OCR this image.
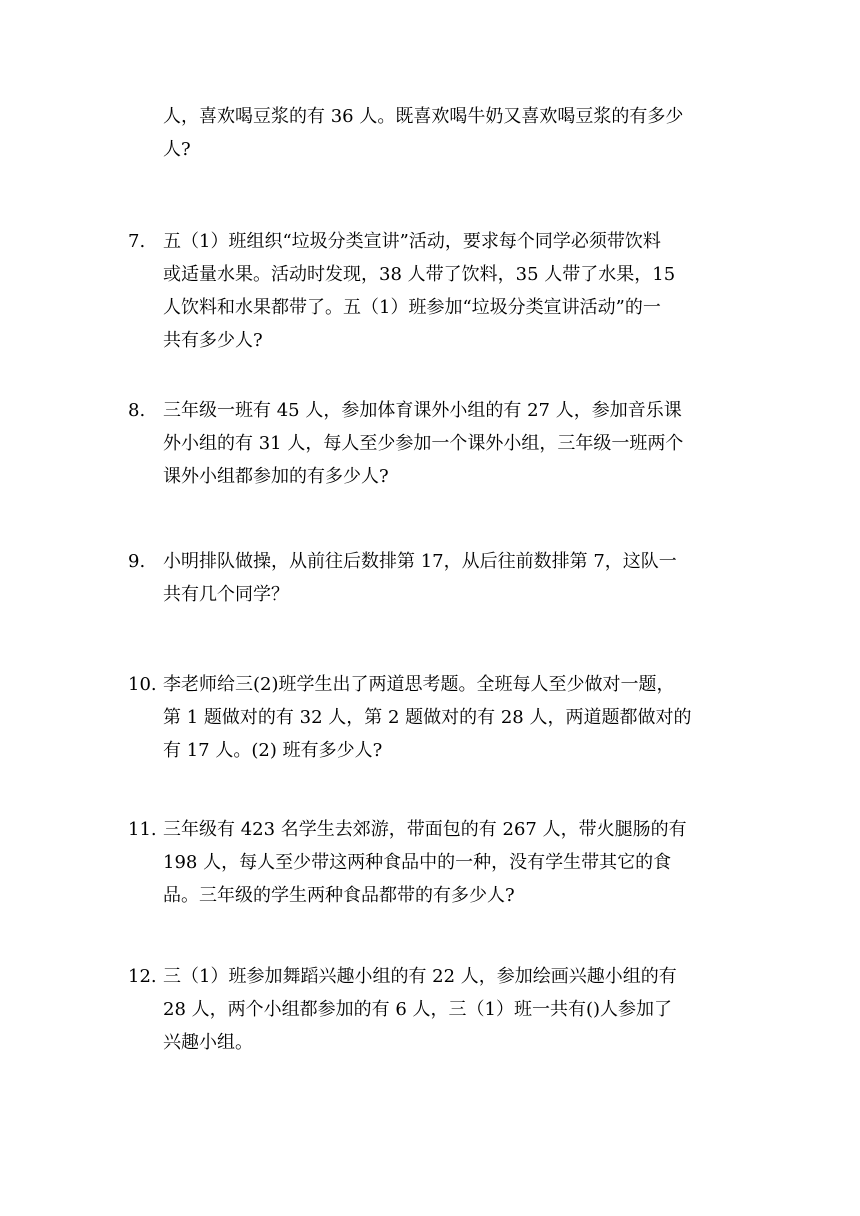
人，喜欢喝豆浆的有 36 人。既喜欢喝牛奶又喜欢喝豆浆的有多少
人?
7. 五（1）班组织“垃圾分类宣讲”活动，要求每个同学必须带饮料
或适量水果。活动时发现，38 人带了饮料，35 人带了水果，15
人饮料和水果都带了。五（1）班参加“垃圾分类宣讲活动”的一
共有多少人?
8. 三年级一班有 45 人，参加体育课外小组的有 27 人，参加音乐课
外小组的有 31 人，每人至少参加一个课外小组，三年级一班两个
课外小组都参加的有多少人?
9. 小明排队做操，从前往后数排第 17，从后往前数排第 7，这队一
共有几个同学？
10. 李老师给三(2)班学生出了两道思考题。全班每人至少做对一题，
第 1 题做对的有 32 人，第 2 题做对的有 28 人，两道题都做对的
有 17 人。(2) 班有多少人?
11. 三年级有 423 名学生去郊游，带面包的有 267 人，带火腿肠的有
198 人，每人至少带这两种食品中的一种，没有学生带其它的食
品。三年级的学生两种食品都带的有多少人?
12. 三（1）班参加舞蹈兴趣小组的有 22 人，参加绘画兴趣小组的有
28 人，两个小组都参加的有 6 人，三（1）班一共有()人参加了
兴趣小组。
